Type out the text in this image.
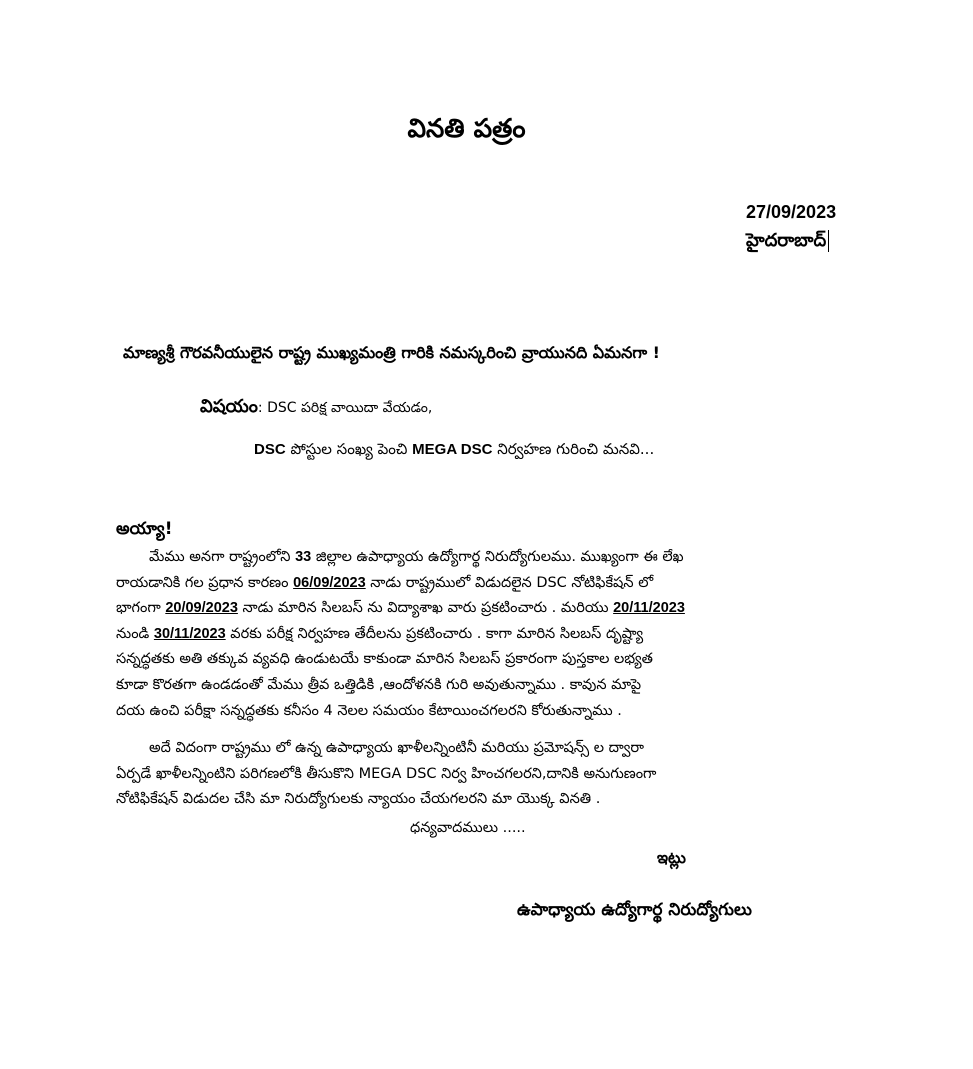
వినతి పత్రం
27/09/2023
హైదరాబాద్
మాణ్యశ్రీ గౌరవనీయులైన రాష్ట్ర ముఖ్యమంత్రి గారికి నమస్కరించి వ్రాయునది ఏమనగా !
విషయం: DSC పరిక్ష వాయిదా వేయడం,
DSC పోస్టుల సంఖ్య పెంచి MEGA DSC నిర్వహణ గురించి మనవి...
అయ్యా!
మేము అనగా రాష్ట్రంలోని 33 జిల్లాల ఉపాధ్యాయ ఉద్యోగార్థ నిరుద్యోగులము. ముఖ్యంగా ఈ లేఖ
రాయడానికి గల ప్రధాన కారణం 06/09/2023 నాడు రాష్ట్రములో విడుదలైన DSC నోటిఫికేషన్ లో
భాగంగా 20/09/2023 నాడు మారిన సిలబస్ ను విద్యాశాఖ వారు ప్రకటించారు . మరియు 20/11/2023
నుండి 30/11/2023 వరకు పరీక్ష నిర్వహణ తేదీలను ప్రకటించారు . కాగా మారిన సిలబస్ దృష్ట్యా
సన్నద్ధతకు అతి తక్కువ వ్యవధి ఉండుటయే కాకుండా మారిన సిలబస్ ప్రకారంగా పుస్తకాల లభ్యత
కూడా కొరతగా ఉండడంతో మేము త్రీవ ఒత్తిడికి ,ఆందోళనకి గురి అవుతున్నాము . కావున మాపై
దయ ఉంచి పరీక్షా సన్నద్ధతకు కనీసం 4 నెలల సమయం కేటాయించగలరని కోరుతున్నాము .
అదే విదంగా రాష్ట్రము లో ఉన్న ఉపాధ్యాయ ఖాళీలన్నింటినీ మరియు ప్రమోషన్స్ ల ద్వారా
ఏర్పడే ఖాళీలన్నింటిని పరిగణలోకి తీసుకొని MEGA DSC నిర్వ హించగలరని,దానికి అనుగుణంగా
నోటిఫికేషన్ విడుదల చేసి మా నిరుద్యోగులకు న్యాయం చేయగలరని మా యొక్క వినతి .
ధన్యవాదములు .....
ఇట్లు
ఉపాధ్యాయ ఉద్యోగార్థ నిరుద్యోగులు
